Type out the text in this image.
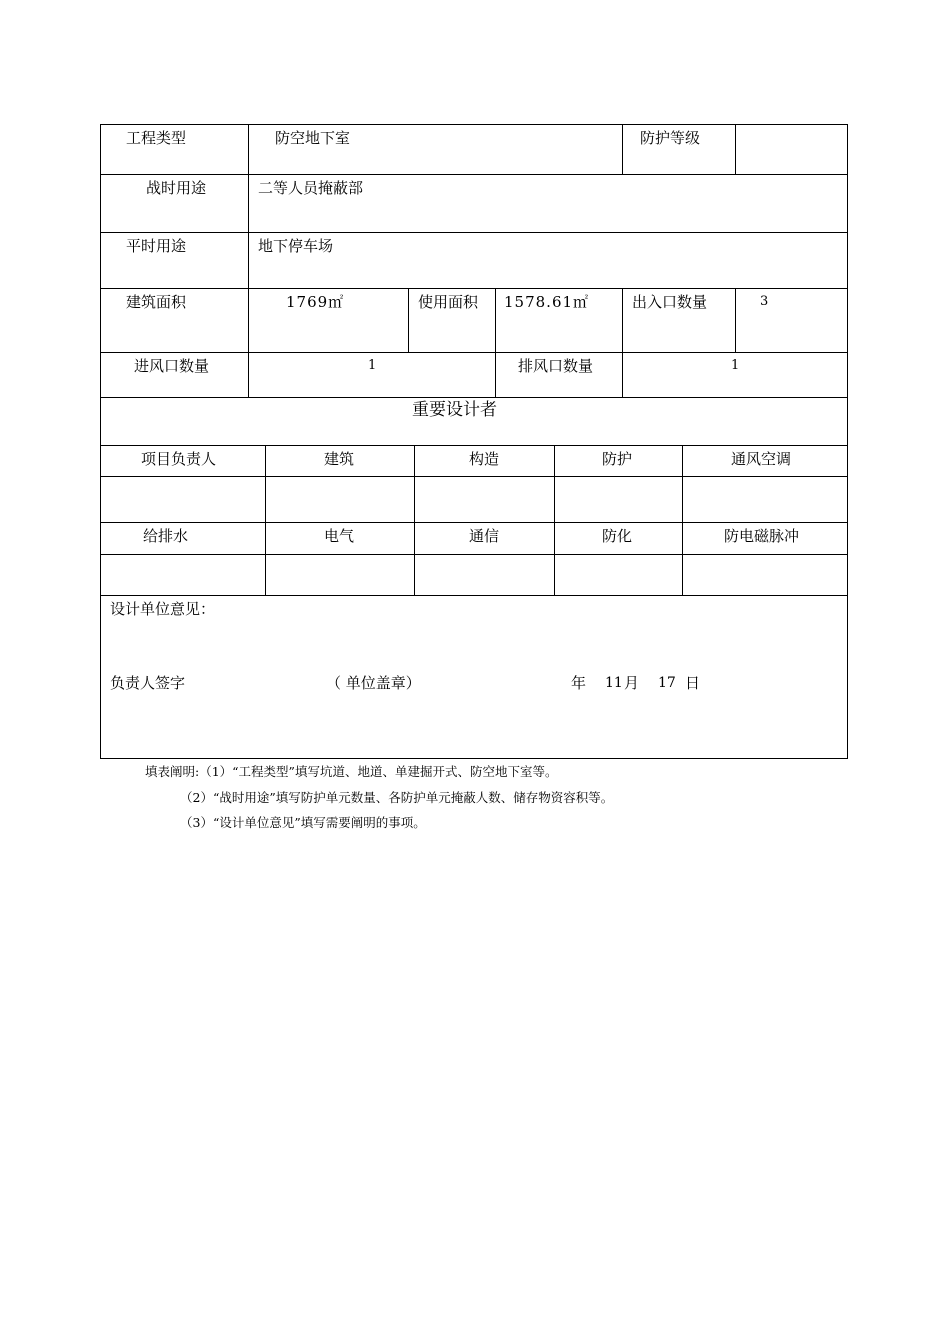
工程类型	防空地下室	防护等级
战时用途	二等人员掩蔽部
平时用途	地下停车场
建筑面积	1769㎡	使用面积 1578.61㎡	出入口数量	3
进风口数量	1	排风口数量	1
重要设计者
项目负责人	建筑	构造	防护	通风空调
给排水	电气	通信	防化	防电磁脉冲
设计单位意见：
负责人签字	（ 单位盖章）	年 11 月 17 日
填表阐明:（1）“工程类型”填写坑道、地道、单建掘开式、防空地下室等。
（2）“战时用途”填写防护单元数量、各防护单元掩蔽人数、储存物资容积等。
（3）“设计单位意见”填写需要阐明的事项。
